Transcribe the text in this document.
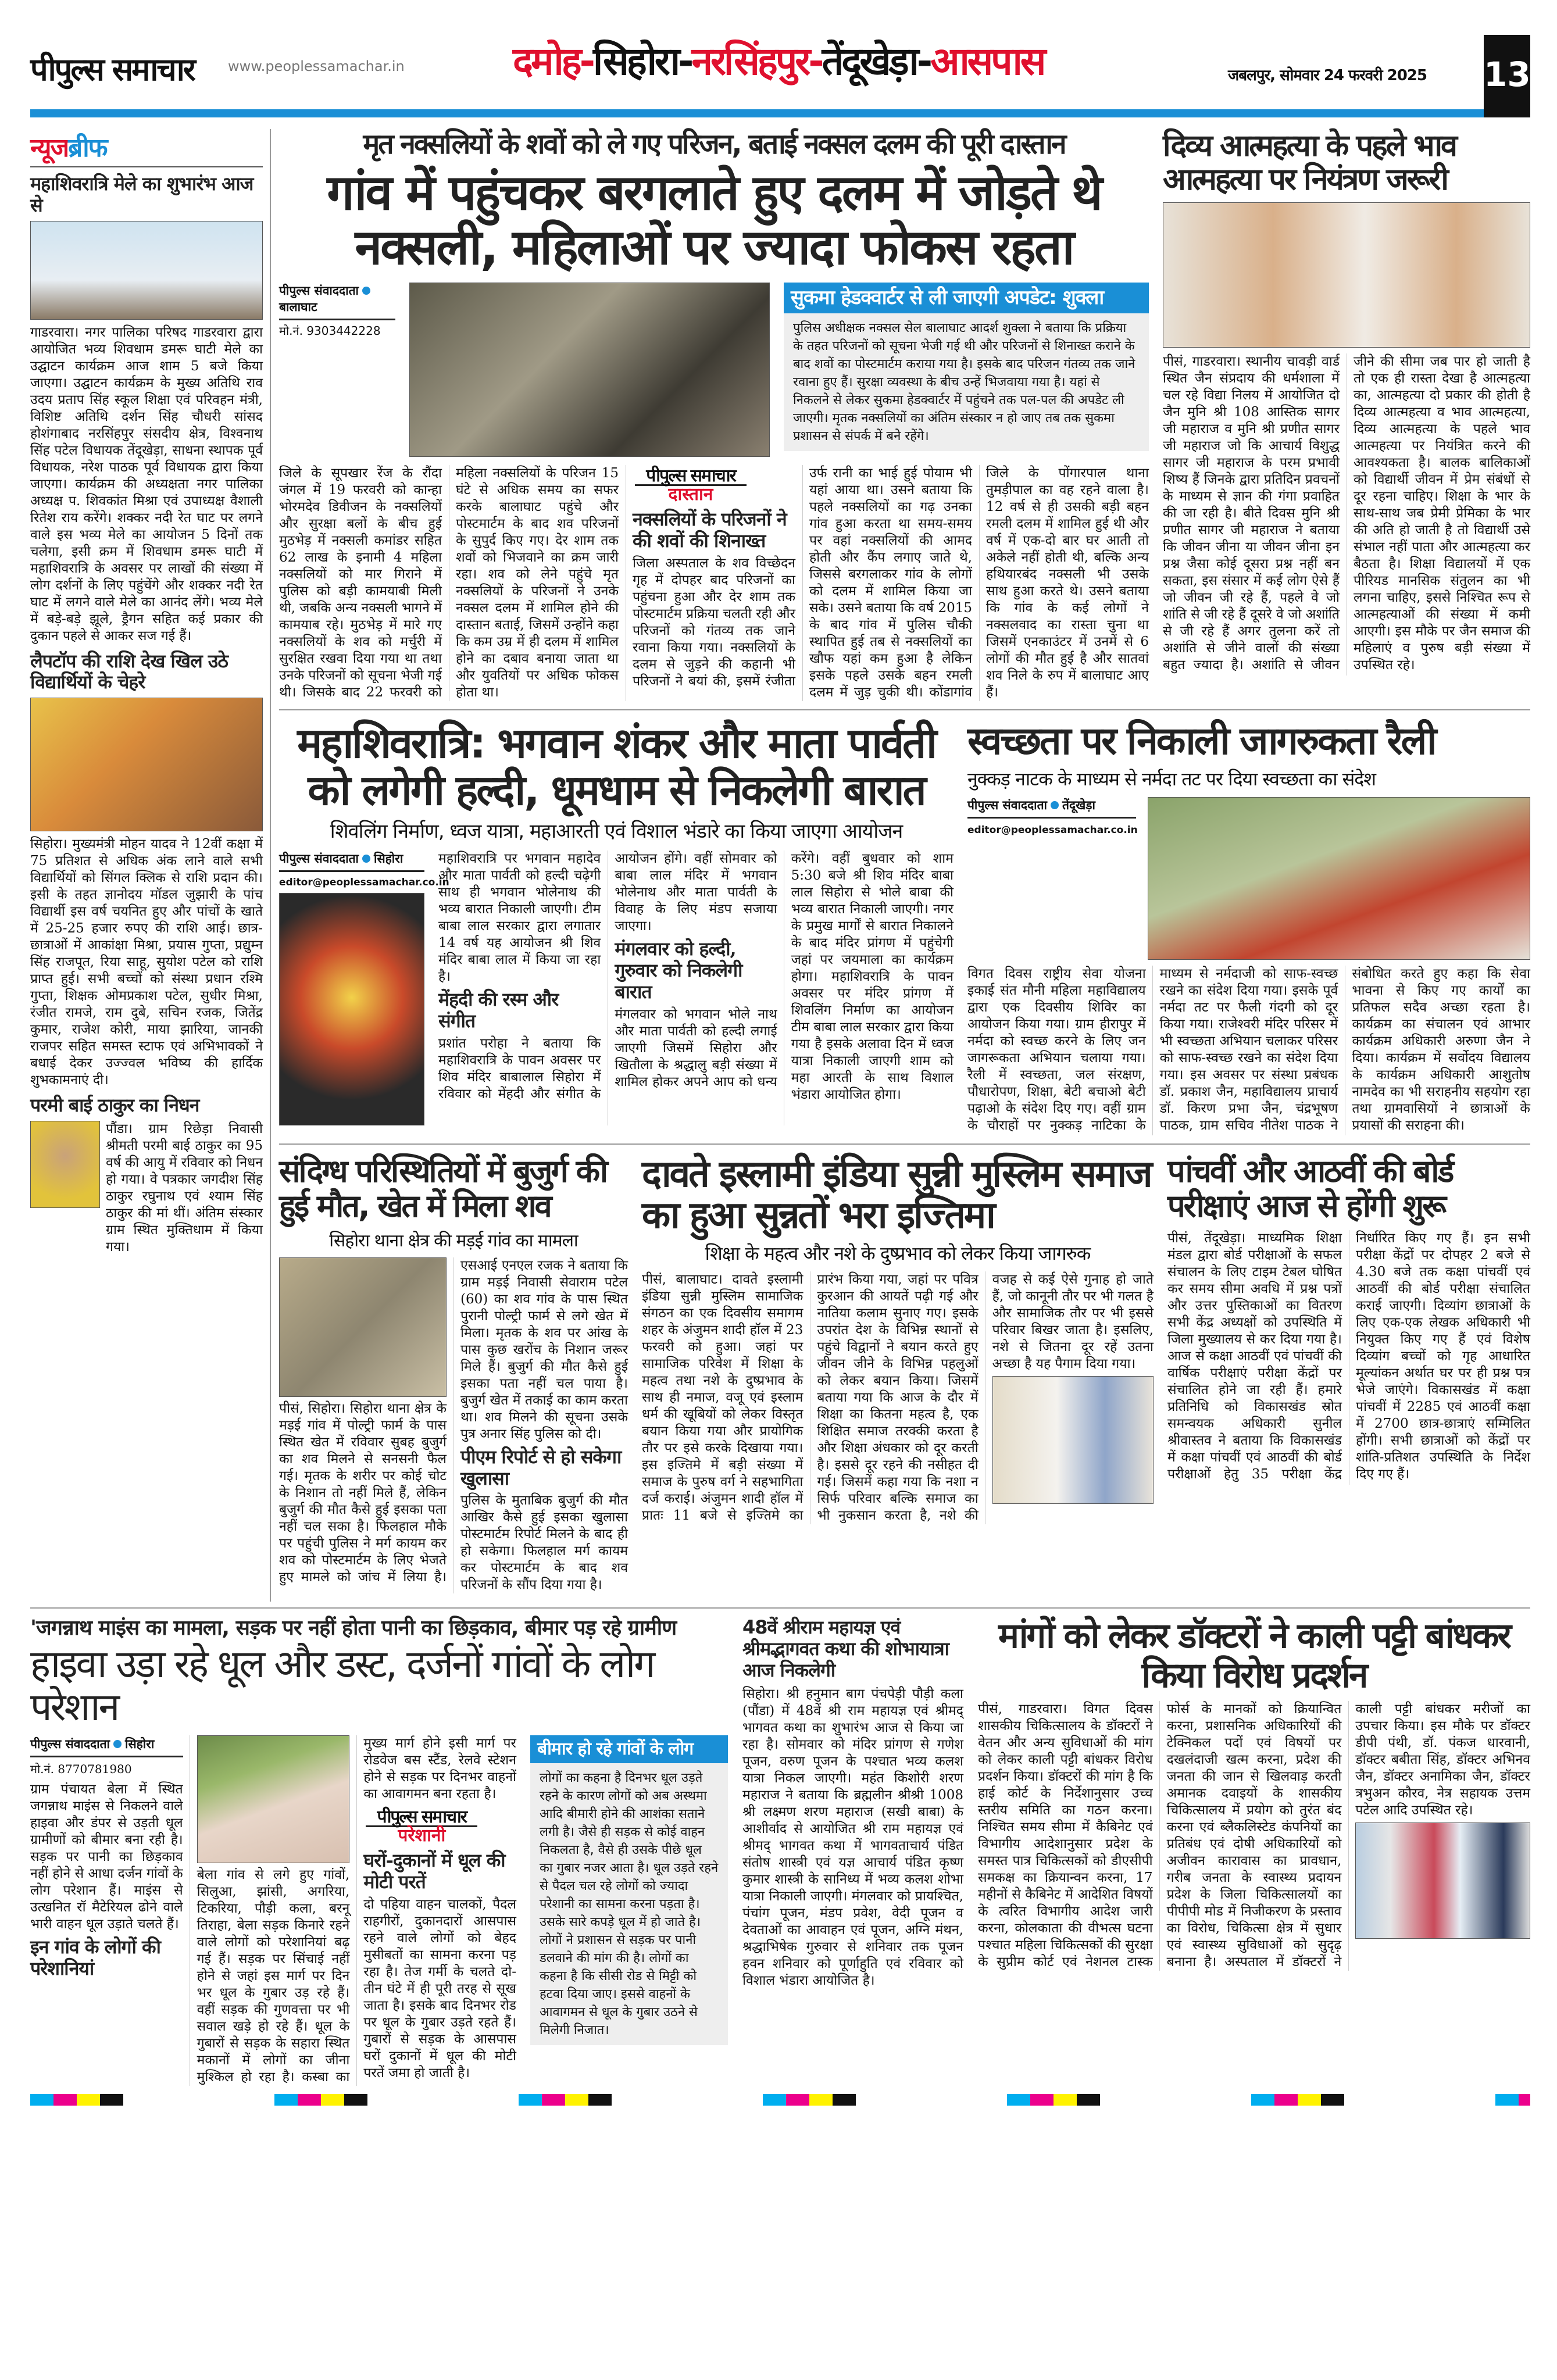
पीपुल्स समाचार www.peoplessamachar.in	दमोह-सिहोरा-नरसिंहपुर-तेंदूखेड़ा-आसपास	जबलपुर, सोमवार 24 फरवरी 2025 13
न्यूजब्रीफ
महाशिवरात्रि मेले का शुभारंभ आज से
गाडरवारा। नगर पालिका परिषद गाडरवारा द्वारा आयोजित भव्य शिवधाम डमरू घाटी मेले का उद्घाटन कार्यक्रम आज शाम 5 बजे किया जाएगा। उद्घाटन कार्यक्रम के मुख्य अतिथि राव उदय प्रताप सिंह स्कूल शिक्षा एवं परिवहन मंत्री, विशिष्ट अतिथि दर्शन सिंह चौधरी सांसद होशंगाबाद नरसिंहपुर संसदीय क्षेत्र, विश्वनाथ सिंह पटेल विधायक तेंदूखेड़ा, साधना स्थापक पूर्व विधायक, नरेश पाठक पूर्व विधायक द्वारा किया जाएगा। कार्यक्रम की अध्यक्षता नगर पालिका अध्यक्ष प. शिवकांत मिश्रा एवं उपाध्यक्ष वैशाली रितेश राय करेंगे। शक्कर नदी रेत घाट पर लगने वाले इस भव्य मेले का आयोजन 5 दिनों तक चलेगा, इसी क्रम में शिवधाम डमरू घाटी में महाशिवरात्रि के अवसर पर लाखों की संख्या में लोग दर्शनों के लिए पहुंचेंगे और शक्कर नदी रेत घाट में लगने वाले मेले का आनंद लेंगे। भव्य मेले में बड़े-बड़े झूले, ड्रैगन सहित कई प्रकार की दुकान पहले से आकर सज गई हैं।
लैपटॉप की राशि देख खिल उठे विद्यार्थियों के चेहरे
सिहोरा। मुख्यमंत्री मोहन यादव ने 12वीं कक्षा में 75 प्रतिशत से अधिक अंक लाने वाले सभी विद्यार्थियों को सिंगल क्लिक से राशि प्रदान की। इसी के तहत ज्ञानोदय मॉडल जुझारी के पांच विद्यार्थी इस वर्ष चयनित हुए और पांचों के खाते में 25-25 हजार रुपए की राशि आई। छात्र-छात्राओं में आकांक्षा मिश्रा, प्रयास गुप्ता, प्रद्युम्न सिंह राजपूत, रिया साहू, सुयोश पटेल को राशि प्राप्त हुई। सभी बच्चों को संस्था प्रधान रश्मि गुप्ता, शिक्षक ओमप्रकाश पटेल, सुधीर मिश्रा, रंजीत रामजे, राम दुबे, सचिन रजक, जितेंद्र कुमार, राजेश कोरी, माया झारिया, जानकी राजपर सहित समस्त स्टाफ एवं अभिभावकों ने बधाई देकर उज्ज्वल भविष्य की हार्दिक शुभकामनाएं दी।
परमी बाई ठाकुर का निधन
पौंडा। ग्राम रिछेड़ा निवासी श्रीमती परमी बाई ठाकुर का 95 वर्ष की आयु में रविवार को निधन हो गया। वे पत्रकार जगदीश सिंह ठाकुर रघुनाथ एवं श्याम सिंह ठाकुर की मां थीं। अंतिम संस्कार ग्राम स्थित मुक्तिधाम में किया गया।
मृत नक्सलियों के शवों को ले गए परिजन, बताई नक्सल दलम की पूरी दास्तान
गांव में पहुंचकर बरगलाते हुए दलम में जोड़ते थे नक्सली, महिलाओं पर ज्यादा फोकस रहता
पीपुल्स संवाददाताबालाघाट
मो.नं. 9303442228
सुकमा हेडक्वार्टर से ली जाएगी अपडेट: शुक्ला
पुलिस अधीक्षक नक्सल सेल बालाघाट आदर्श शुक्ला ने बताया कि प्रक्रिया के तहत परिजनों को सूचना भेजी गई थी और परिजनों से शिनाख्त कराने के बाद शवों का पोस्टमार्टम कराया गया है। इसके बाद परिजन गंतव्य तक जाने रवाना हुए हैं। सुरक्षा व्यवस्था के बीच उन्हें भिजवाया गया है। यहां से निकलने से लेकर सुकमा हेडक्वार्टर में पहुंचने तक पल-पल की अपडेट ली जाएगी। मृतक नक्सलियों का अंतिम संस्कार न हो जाए तब तक सुकमा प्रशासन से संपर्क में बने रहेंगे।
जिले के सूपखार रेंज के रौंदा जंगल में 19 फरवरी को कान्हा भोरमदेव डिवीजन के नक्सलियों और सुरक्षा बलों के बीच हुई मुठभेड़ में नक्सली कमांडर सहित 62 लाख के इनामी 4 महिला नक्सलियों को मार गिराने में पुलिस को बड़ी कामयाबी मिली थी, जबकि अन्य नक्सली भागने में कामयाब रहे। मुठभेड़ में मारे गए नक्सलियों के शव को मर्चुरी में सुरक्षित रखवा दिया गया था तथा उनके परिजनों को सूचना भेजी गई थी। जिसके बाद 22 फरवरी को महिला नक्सलियों के परिजन 15 घंटे से अधिक समय का सफर करके बालाघाट पहुंचे और पोस्टमार्टम के बाद शव परिजनों के सुपुर्द किए गए। देर शाम तक शवों को भिजवाने का क्रम जारी रहा। शव को लेने पहुंचे मृत नक्सलियों के परिजनों ने उनके नक्सल दलम में शामिल होने की दास्तान बताई, जिसमें उन्होंने कहा कि कम उम्र में ही दलम में शामिल होने का दबाव बनाया जाता था और युवतियों पर अधिक फोकस होता था।
पीपुल्स समाचार
दास्तान
नक्सलियों के परिजनों ने की शवों की शिनाख्त
जिला अस्पताल के शव विच्छेदन गृह में दोपहर बाद परिजनों का पहुंचना हुआ और देर शाम तक पोस्टमार्टम प्रक्रिया चलती रही और परिजनों को गंतव्य तक जाने रवाना किया गया। नक्सलियों के दलम से जुड़ने की कहानी भी परिजनों ने बयां की, इसमें रंजीता उर्फ रानी का भाई हुई पोयाम भी यहां आया था। उसने बताया कि पहले नक्सलियों का गढ़ उनका गांव हुआ करता था समय-समय पर वहां नक्सलियों की आमद होती और कैंप लगाए जाते थे, जिससे बरगलाकर गांव के लोगों को दलम में शामिल किया जा सके। उसने बताया कि वर्ष 2015 के बाद गांव में पुलिस चौकी स्थापित हुई तब से नक्सलियों का खौफ यहां कम हुआ है लेकिन इसके पहले उसके बहन रमली दलम में जुड़ चुकी थी। कोंडागांव जिले के पोंगारपाल थाना तुमड़ीपाल का वह रहने वाला है। 12 वर्ष से ही उसकी बड़ी बहन रमली दलम में शामिल हुई थी और वर्ष में एक-दो बार घर आती तो अकेले नहीं होती थी, बल्कि अन्य हथियारबंद नक्सली भी उसके साथ हुआ करते थे। उसने बताया कि गांव के कई लोगों ने नक्सलवाद का रास्ता चुना था जिसमें एनकाउंटर में उनमें से 6 लोगों की मौत हुई है और सातवां शव निले के रुप में बालाघाट आए हैं।
दिव्य आत्महत्या के पहले भाव आत्महत्या पर नियंत्रण जरूरी
पीसं, गाडरवारा। स्थानीय चावड़ी वार्ड स्थित जैन संप्रदाय की धर्मशाला में चल रहे विद्या निलय में आयोजित दो जैन मुनि श्री 108 आस्तिक सागर जी महाराज व मुनि श्री प्रणीत सागर जी महाराज जो कि आचार्य विशुद्ध सागर जी महाराज के परम प्रभावी शिष्य हैं जिनके द्वारा प्रतिदिन प्रवचनों के माध्यम से ज्ञान की गंगा प्रवाहित की जा रही है। बीते दिवस मुनि श्री प्रणीत सागर जी महाराज ने बताया कि जीवन जीना या जीवन जीना इन प्रश्न जैसा कोई दूसरा प्रश्न नहीं बन सकता, इस संसार में कई लोग ऐसे हैं जो जीवन जी रहे हैं, पहले वे जो शांति से जी रहे हैं दूसरे वे जो अशांति से जी रहे हैं अगर तुलना करें तो अशांति से जीने वालों की संख्या बहुत ज्यादा है। अशांति से जीवन जीने की सीमा जब पार हो जाती है तो एक ही रास्ता देखा है आत्महत्या का, आत्महत्या दो प्रकार की होती है दिव्य आत्महत्या व भाव आत्महत्या, दिव्य आत्महत्या के पहले भाव आत्महत्या पर नियंत्रित करने की आवश्यकता है। बालक बालिकाओं को विद्यार्थी जीवन में प्रेम संबंधों से दूर रहना चाहिए। शिक्षा के भार के साथ-साथ जब प्रेमी प्रेमिका के भार की अति हो जाती है तो विद्यार्थी उसे संभाल नहीं पाता और आत्महत्या कर बैठता है। शिक्षा विद्यालयों में एक पीरियड मानसिक संतुलन का भी लगना चाहिए, इससे निश्चित रूप से आत्महत्याओं की संख्या में कमी आएगी। इस मौके पर जैन समाज की महिलाएं व पुरुष बड़ी संख्या में उपस्थित रहे।
महाशिवरात्रि: भगवान शंकर और माता पार्वती को लगेगी हल्दी, धूमधाम से निकलेगी बारात
शिवलिंग निर्माण, ध्वज यात्रा, महाआरती एवं विशाल भंडारे का किया जाएगा आयोजन
पीपुल्स संवाददाता सिहोरा
editor@peoplessamachar.co.in
महाशिवरात्रि पर भगवान महादेव और माता पार्वती को हल्दी चढ़ेगी साथ ही भगवान भोलेनाथ की भव्य बारात निकाली जाएगी। टीम बाबा लाल सरकार द्वारा लगातार 14 वर्ष यह आयोजन श्री शिव मंदिर बाबा लाल में किया जा रहा है।
मेंहदी की रस्म और संगीत
प्रशांत परोहा ने बताया कि महाशिवरात्रि के पावन अवसर पर शिव मंदिर बाबालाल सिहोरा में रविवार को मेंहदी और संगीत के आयोजन होंगे। वहीं सोमवार को बाबा लाल मंदिर में भगवान भोलेनाथ और माता पार्वती के विवाह के लिए मंडप सजाया जाएगा।
मंगलवार को हल्दी, गुरुवार को निकलेगी बारात
मंगलवार को भगवान भोले नाथ और माता पार्वती को हल्दी लगाई जाएगी जिसमें सिहोरा और खितौला के श्रद्धालु बड़ी संख्या में शामिल होकर अपने आप को धन्य करेंगे। वहीं बुधवार को शाम 5:30 बजे श्री शिव मंदिर बाबा लाल सिहोरा से भोले बाबा की भव्य बारात निकाली जाएगी। नगर के प्रमुख मार्गों से बारात निकालने के बाद मंदिर प्रांगण में पहुंचेगी जहां पर जयमाला का कार्यक्रम होगा। महाशिवरात्रि के पावन अवसर पर मंदिर प्रांगण में शिवलिंग निर्माण का आयोजन टीम बाबा लाल सरकार द्वारा किया गया है इसके अलावा दिन में ध्वज यात्रा निकाली जाएगी शाम को महा आरती के साथ विशाल भंडारा आयोजित होगा।
स्वच्छता पर निकाली जागरुकता रैली
नुक्कड़ नाटक के माध्यम से नर्मदा तट पर दिया स्वच्छता का संदेश
पीपुल्स संवाददाता तेंदूखेड़ा
editor@peoplessamachar.co.in
विगत दिवस राष्ट्रीय सेवा योजना इकाई संत मौनी महिला महाविद्यालय द्वारा एक दिवसीय शिविर का आयोजन किया गया। ग्राम हीरापुर में नर्मदा को स्वच्छ करने के लिए जन जागरूकता अभियान चलाया गया। रैली में स्वच्छता, जल संरक्षण, पौधारोपण, शिक्षा, बेटी बचाओ बेटी पढ़ाओ के संदेश दिए गए। वहीं ग्राम के चौराहों पर नुक्कड़ नाटिका के माध्यम से नर्मदाजी को साफ-स्वच्छ रखने का संदेश दिया गया। इसके पूर्व नर्मदा तट पर फैली गंदगी को दूर किया गया। राजेश्वरी मंदिर परिसर में भी स्वच्छता अभियान चलाकर परिसर को साफ-स्वच्छ रखने का संदेश दिया गया। इस अवसर पर संस्था प्रबंधक डॉ. प्रकाश जैन, महाविद्यालय प्राचार्य डॉ. किरण प्रभा जैन, चंद्रभूषण पाठक, ग्राम सचिव नीतेश पाठक ने संबोधित करते हुए कहा कि सेवा भावना से किए गए कार्यों का प्रतिफल सदैव अच्छा रहता है। कार्यक्रम का संचालन एवं आभार कार्यक्रम अधिकारी अरुणा जैन ने दिया। कार्यक्रम में सर्वोदय विद्यालय के कार्यक्रम अधिकारी आशुतोष नामदेव का भी सराहनीय सहयोग रहा तथा ग्रामवासियों ने छात्राओं के प्रयासों की सराहना की।
संदिग्ध परिस्थितियों में बुजुर्ग की हुई मौत, खेत में मिला शव
सिहोरा थाना क्षेत्र की मड़ई गांव का मामला
पीसं, सिहोरा। सिहोरा थाना क्षेत्र के मड़ई गांव में पोल्ट्री फार्म के पास स्थित खेत में रविवार सुबह बुजुर्ग का शव मिलने से सनसनी फैल गई। मृतक के शरीर पर कोई चोट के निशान तो नहीं मिले हैं, लेकिन बुजुर्ग की मौत कैसे हुई इसका पता नहीं चल सका है। फिलहाल मौके पर पहुंची पुलिस ने मर्ग कायम कर शव को पोस्टमार्टम के लिए भेजते हुए मामले को जांच में लिया है। एसआई एनएल रजक ने बताया कि ग्राम मड़ई निवासी सेवाराम पटेल (60) का शव गांव के पास स्थित पुरानी पोल्ट्री फार्म से लगे खेत में मिला। मृतक के शव पर आंख के पास कुछ खरोंच के निशान जरूर मिले हैं। बुजुर्ग की मौत कैसे हुई इसका पता नहीं चल पाया है। बुजुर्ग खेत में तकाई का काम करता था। शव मिलने की सूचना उसके पुत्र अनार सिंह पुलिस को दी।
पीएम रिपोर्ट से हो सकेगा खुलासा
पुलिस के मुताबिक बुजुर्ग की मौत आखिर कैसे हुई इसका खुलासा पोस्टमार्टम रिपोर्ट मिलने के बाद ही हो सकेगा। फिलहाल मर्ग कायम कर पोस्टमार्टम के बाद शव परिजनों के सौंप दिया गया है।
दावते इस्लामी इंडिया सुन्नी मुस्लिम समाज का हुआ सुन्नतों भरा इज्तिमा
शिक्षा के महत्व और नशे के दुष्प्रभाव को लेकर किया जागरुक
पीसं, बालाघाट। दावते इस्लामी इंडिया सुन्नी मुस्लिम सामाजिक संगठन का एक दिवसीय समागम शहर के अंजुमन शादी हॉल में 23 फरवरी को हुआ। जहां पर सामाजिक परिवेश में शिक्षा के महत्व तथा नशे के दुष्प्रभाव के साथ ही नमाज, वजू एवं इस्लाम धर्म की खूबियों को लेकर विस्तृत बयान किया गया और प्रायोगिक तौर पर इसे करके दिखाया गया। इस इज्तिमे में बड़ी संख्या में समाज के पुरुष वर्ग ने सहभागिता दर्ज कराई। अंजुमन शादी हॉल में प्रातः 11 बजे से इज्तिमे का प्रारंभ किया गया, जहां पर पवित्र कुरआन की आयतें पढ़ी गई और नातिया कलाम सुनाए गए। इसके उपरांत देश के विभिन्न स्थानों से पहुंचे विद्वानों ने बयान करते हुए जीवन जीने के विभिन्न पहलुओं को लेकर बयान किया। जिसमें बताया गया कि आज के दौर में शिक्षा का कितना महत्व है, एक शिक्षित समाज तरक्की करता है और शिक्षा अंधकार को दूर करती है। इससे दूर रहने की नसीहत दी गई। जिसमें कहा गया कि नशा न सिर्फ परिवार बल्कि समाज का भी नुकसान करता है, नशे की वजह से कई ऐसे गुनाह हो जाते हैं, जो कानूनी तौर पर भी गलत है और सामाजिक तौर पर भी इससे परिवार बिखर जाता है। इसलिए, नशे से जितना दूर रहें उतना अच्छा है यह पैगाम दिया गया।
पांचवीं और आठवीं की बोर्ड परीक्षाएं आज से होंगी शुरू
पीसं, तेंदूखेड़ा। माध्यमिक शिक्षा मंडल द्वारा बोर्ड परीक्षाओं के सफल संचालन के लिए टाइम टेबल घोषित कर समय सीमा अवधि में प्रश्न पत्रों और उत्तर पुस्तिकाओं का वितरण सभी केंद्र अध्यक्षों को उपस्थिति में जिला मुख्यालय से कर दिया गया है। आज से कक्षा आठवीं एवं पांचवीं की वार्षिक परीक्षाएं परीक्षा केंद्रों पर संचालित होने जा रही हैं। हमारे प्रतिनिधि को विकासखंड स्रोत समन्वयक अधिकारी सुनील श्रीवास्तव ने बताया कि विकासखंड में कक्षा पांचवीं एवं आठवीं की बोर्ड परीक्षाओं हेतु 35 परीक्षा केंद्र निर्धारित किए गए हैं। इन सभी परीक्षा केंद्रों पर दोपहर 2 बजे से 4.30 बजे तक कक्षा पांचवीं एवं आठवीं की बोर्ड परीक्षा संचालित कराई जाएगी। दिव्यांग छात्राओं के लिए एक-एक लेखक अधिकारी भी नियुक्त किए गए हैं एवं विशेष दिव्यांग बच्चों को गृह आधारित मूल्यांकन अर्थात घर पर ही प्रश्न पत्र भेजे जाएंगे। विकासखंड में कक्षा पांचवीं में 2285 एवं आठवीं कक्षा में 2700 छात्र-छात्राएं सम्मिलित होंगी। सभी छात्राओं को केंद्रों पर शांति-प्रतिशत उपस्थिति के निर्देश दिए गए हैं।
'जगन्नाथ माइंस का मामला, सड़क पर नहीं होता पानी का छिड़काव, बीमार पड़ रहे ग्रामीण
हाइवा उड़ा रहे धूल और डस्ट, दर्जनों गांवों के लोग परेशान
पीपुल्स संवाददाता सिहोरा
मो.नं. 8770781980
ग्राम पंचायत बेला में स्थित जगन्नाथ माइंस से निकलने वाले हाइवा और डंपर से उड़ती धूल ग्रामीणों को बीमार बना रही है। सड़क पर पानी का छिड़काव नहीं होने से आधा दर्जन गांवों के लोग परेशान हैं। माइंस से उत्खनित रॉ मैटेरियल ढोने वाले भारी वाहन धूल उड़ाते चलते हैं।
इन गांव के लोगों की परेशानियां
बेला गांव से लगे हुए गांवों, सिलुआ, झांसी, अगरिया, टिकरिया, पौड़ी कला, बरनू तिराहा, बेला सड़क किनारे रहने वाले लोगों को परेशानियां बढ़ गई हैं। सड़क पर सिंचाई नहीं होने से जहां इस मार्ग पर दिन भर धूल के गुबार उड़ रहे हैं। वहीं सड़क की गुणवत्ता पर भी सवाल खड़े हो रहे हैं। धूल के गुबारों से सड़क के सहारा स्थित मकानों में लोगों का जीना मुश्किल हो रहा है। कस्बा का मुख्य मार्ग होने इसी मार्ग पर रोडवेज बस स्टैंड, रेलवे स्टेशन होने से सड़क पर दिनभर वाहनों का आवागमन बना रहता है।
पीपुल्स समाचार
परेशानी
घरों-दुकानों में धूल की मोटी परतें
दो पहिया वाहन चालकों, पैदल राहगीरों, दुकानदारों आसपास रहने वाले लोगों को बेहद मुसीबतों का सामना करना पड़ रहा है। तेज गर्मी के चलते दो-तीन घंटे में ही पूरी तरह से सूख जाता है। इसके बाद दिनभर रोड पर धूल के गुबार उड़ते रहते हैं। गुबारों से सड़क के आसपास घरों दुकानों में धूल की मोटी परतें जमा हो जाती है।
बीमार हो रहे गांवों के लोग
लोगों का कहना है दिनभर धूल उड़ते रहने के कारण लोगों को अब अस्थमा आदि बीमारी होने की आशंका सताने लगी है। जैसे ही सड़क से कोई वाहन निकलता है, वैसे ही उसके पीछे धूल का गुबार नजर आता है। धूल उड़ते रहने से पैदल चल रहे लोगों को ज्यादा परेशानी का सामना करना पड़ता है। उसके सारे कपड़े धूल में हो जाते है। लोगों ने प्रशासन से सड़क पर पानी डलवाने की मांग की है। लोगों का कहना है कि सीसी रोड से मिट्टी को हटवा दिया जाए। इससे वाहनों के आवागमन से धूल के गुबार उठने से मिलेगी निजात।
48वें श्रीराम महायज्ञ एवं श्रीमद्भागवत कथा की शोभायात्रा आज निकलेगी
सिहोरा। श्री हनुमान बाग पंचपेड़ी पौड़ी कला (पौंडा) में 48वें श्री राम महायज्ञ एवं श्रीमद् भागवत कथा का शुभारंभ आज से किया जा रहा है। सोमवार को मंदिर प्रांगण से गणेश पूजन, वरुण पूजन के पश्चात भव्य कलश यात्रा निकल जाएगी। महंत किशोरी शरण महाराज ने बताया कि ब्रह्मलीन श्रीश्री 1008 श्री लक्ष्मण शरण महाराज (सखी बाबा) के आशीर्वाद से आयोजित श्री राम महायज्ञ एवं श्रीमद् भागवत कथा में भागवताचार्य पंडित संतोष शास्त्री एवं यज्ञ आचार्य पंडित कृष्ण कुमार शास्त्री के सानिध्य में भव्य कलश शोभा यात्रा निकाली जाएगी। मंगलवार को प्रायश्चित, पंचांग पूजन, मंडप प्रवेश, वेदी पूजन व देवताओं का आवाहन एवं पूजन, अग्नि मंथन, श्रद्धाभिषेक गुरुवार से शनिवार तक पूजन हवन शनिवार को पूर्णाहुति एवं रविवार को विशाल भंडारा आयोजित है।
मांगों को लेकर डॉक्टरों ने काली पट्टी बांधकर किया विरोध प्रदर्शन
पीसं, गाडरवारा। विगत दिवस शासकीय चिकित्सालय के डॉक्टरों ने वेतन और अन्य सुविधाओं की मांग को लेकर काली पट्टी बांधकर विरोध प्रदर्शन किया। डॉक्टरों की मांग है कि हाई कोर्ट के निर्देशानुसार उच्च स्तरीय समिति का गठन करना। निश्चित समय सीमा में कैबिनेट एवं विभागीय आदेशानुसार प्रदेश के समस्त पात्र चिकित्सकों को डीएसीपी समकक्ष का क्रियान्वन करना, 17 महीनों से कैबिनेट में आदेशित विषयों के त्वरित विभागीय आदेश जारी करना, कोलकाता की वीभत्स घटना पश्चात महिला चिकित्सकों की सुरक्षा के सुप्रीम कोर्ट एवं नेशनल टास्क फोर्स के मानकों को क्रियान्वित करना, प्रशासनिक अधिकारियों की टेक्निकल पदों एवं विषयों पर दखलंदाजी खत्म करना, प्रदेश की जनता की जान से खिलवाड़ करती अमानक दवाइयों के शासकीय चिकित्सालय में प्रयोग को तुरंत बंद करना एवं ब्लैकलिस्टेड कंपनियों का प्रतिबंध एवं दोषी अधिकारियों को अजीवन कारावास का प्रावधान, गरीब जनता के स्वास्थ्य प्रदायन प्रदेश के जिला चिकित्सालयों का पीपीपी मोड में निजीकरण के प्रस्ताव का विरोध, चिकित्सा क्षेत्र में सुधार एवं स्वास्थ्य सुविधाओं को सुदृढ़ बनाना है। अस्पताल में डॉक्टरों ने काली पट्टी बांधकर मरीजों का उपचार किया। इस मौके पर डॉक्टर डीपी पंथी, डॉ. पंकज धारवानी, डॉक्टर बबीता सिंह, डॉक्टर अभिनव जैन, डॉक्टर अनामिका जैन, डॉक्टर त्रभुअन कौरव, नेत्र सहायक उत्तम पटेल आदि उपस्थित रहे।
